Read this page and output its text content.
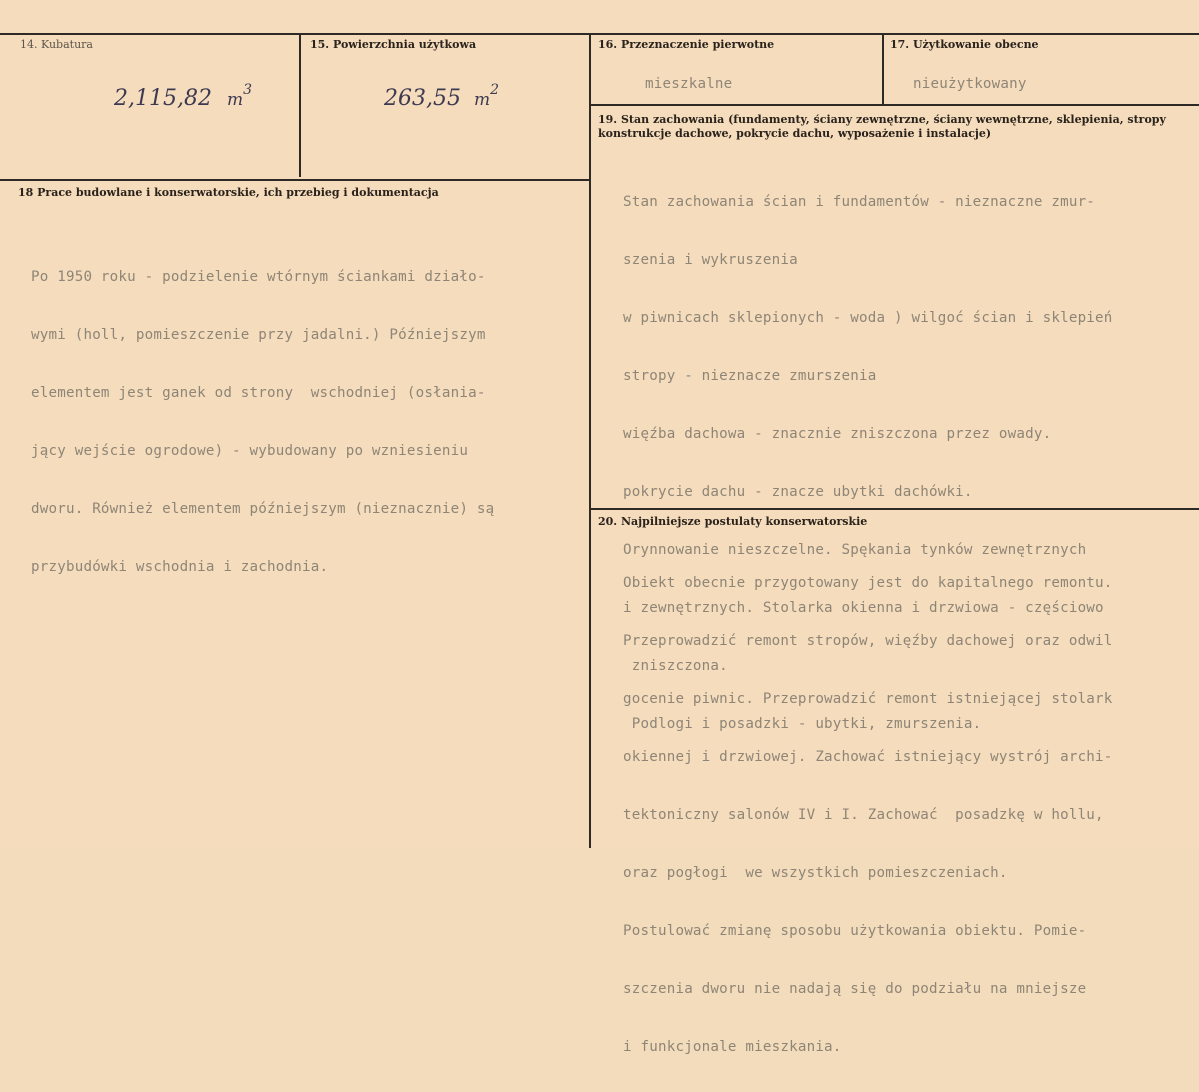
14. Kubatura
2,115,82 $m^3$
15. Powierzchnia użytkowa
263,55 $m^2$
16. Przeznaczenie pierwotne
mieszkalne
17. Użytkowanie obecne
nieużytkowany
18 Prace budowlane i konserwatorskie, ich przebieg i dokumentacja

Po 1950 roku - podzielenie wtórnym ściankami działo-

wymi (holl, pomieszczenie przy jadalni.) Późniejszym

elementem jest ganek od strony  wschodniej (osłania-

jący wejście ogrodowe) - wybudowany po wzniesieniu

dworu. Również elementem późniejszym (nieznacznie) są

przybudówki wschodnia i zachodnia.

19. Stan zachowania (fundamenty, ściany zewnętrzne, ściany wewnętrzne, sklepienia, stropy konstrukcje dachowe, pokrycie dachu, wyposażenie i instalacje)

Stan zachowania ścian i fundamentów - nieznaczne zmur-

szenia i wykruszenia

w piwnicach sklepionych - woda ) wilgoć ścian i sklepień

stropy - nieznacze zmurszenia

więźba dachowa - znacznie zniszczona przez owady.

pokrycie dachu - znacze ubytki dachówki.

Orynnowanie nieszczelne. Spękania tynków zewnętrznych

i zewnętrznych. Stolarka okienna i drzwiowa - częściowo

zniszczona.

Podlogi i posadzki - ubytki, zmurszenia.

20. Najpilniejsze postulaty konserwatorskie

Obiekt obecnie przygotowany jest do kapitalnego remontu.

Przeprowadzić remont stropów, więźby dachowej oraz odwil

gocenie piwnic. Przeprowadzić remont istniejącej stolark

okiennej i drzwiowej. Zachować istniejący wystrój archi-

tektoniczny salonów IV i I. Zachować  posadzkę w hollu,

oraz pogłogi  we wszystkich pomieszczeniach.

Postulować zmianę sposobu użytkowania obiektu. Pomie-

szczenia dworu nie nadają się do podziału na mniejsze

i funkcjonale mieszkania.
